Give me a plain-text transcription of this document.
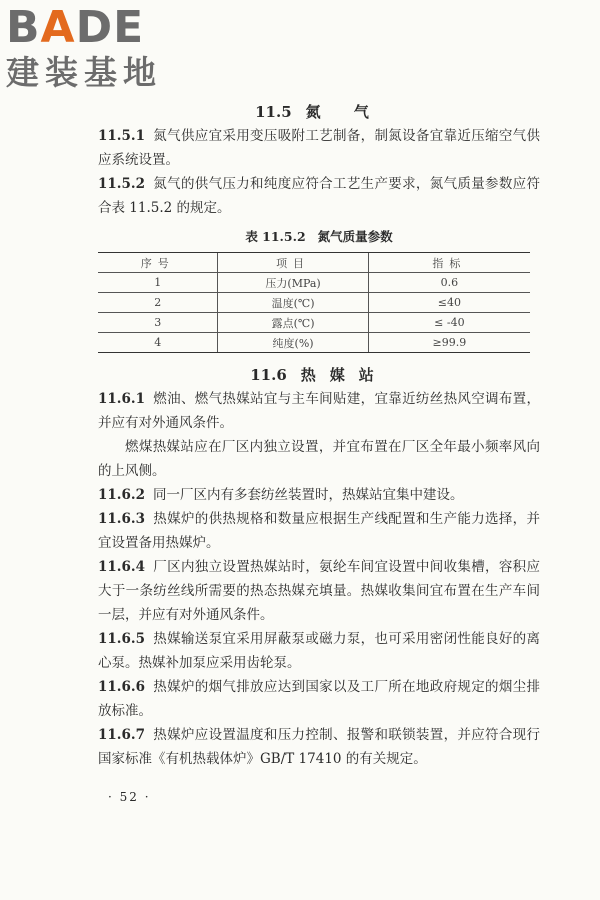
BADE
建装基地
11.5 氮 气

11.5.1 氮气供应宜采用变压吸附工艺制备，制氮设备宜靠近压缩空气供应系统设置。

11.5.2 氮气的供气压力和纯度应符合工艺生产要求，氮气质量参数应符合表 11.5.2 的规定。

表 11.5.2 氮气质量参数
序号	项目	指标
1	压力(MPa)	0.6
2	温度(℃)	≤40
3	露点(℃)	≤ -40
4	纯度(%)	≥99.9
11.6 热媒站

11.6.1 燃油、燃气热媒站宜与主车间贴建，宜靠近纺丝热风空调布置，并应有对外通风条件。

燃煤热媒站应在厂区内独立设置，并宜布置在厂区全年最小频率风向的上风侧。

11.6.2 同一厂区内有多套纺丝装置时，热媒站宜集中建设。

11.6.3 热媒炉的供热规格和数量应根据生产线配置和生产能力选择，并宜设置备用热媒炉。

11.6.4 厂区内独立设置热媒站时，氨纶车间宜设置中间收集槽，容积应大于一条纺丝线所需要的热态热媒充填量。热媒收集间宜布置在生产车间一层，并应有对外通风条件。

11.6.5 热媒输送泵宜采用屏蔽泵或磁力泵，也可采用密闭性能良好的离心泵。热媒补加泵应采用齿轮泵。

11.6.6 热媒炉的烟气排放应达到国家以及工厂所在地政府规定的烟尘排放标准。

11.6.7 热媒炉应设置温度和压力控制、报警和联锁装置，并应符合现行国家标准《有机热载体炉》GB/T 17410 的有关规定。

· 52 ·
